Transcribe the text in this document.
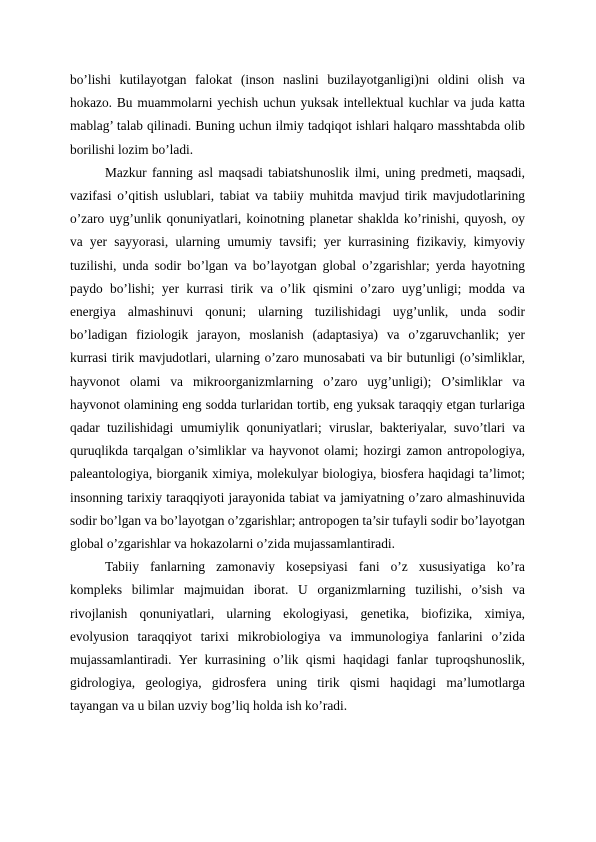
bo’lishi kutilayotgan falokat (inson naslini buzilayotganligi)ni oldini olish va hokazo. Bu muammolarni yechish uchun yuksak intellektual kuchlar va juda katta mablag’ talab qilinadi. Buning uchun ilmiy tadqiqot ishlari halqaro masshtabda olib borilishi lozim bo’ladi.

Mazkur fanning asl maqsadi tabiatshunoslik ilmi, uning predmeti, maqsadi, vazifasi o’qitish uslublari, tabiat va tabiiy muhitda mavjud tirik mavjudotlarining o’zaro uyg’unlik qonuniyatlari, koinotning planetar shaklda ko’rinishi, quyosh, oy va yer sayyorasi, ularning umumiy tavsifi; yer kurrasining fizikaviy, kimyoviy tuzilishi, unda sodir bo’lgan va bo’layotgan global o’zgarishlar; yerda hayotning paydo bo’lishi; yer kurrasi tirik va o’lik qismini o’zaro uyg’unligi; modda va energiya almashinuvi qonuni; ularning tuzilishidagi uyg’unlik, unda sodir bo’ladigan fiziologik jarayon, moslanish (adaptasiya) va o’zgaruvchanlik; yer kurrasi tirik mavjudotlari, ularning o’zaro munosabati va bir butunligi (o’simliklar, hayvonot olami va mikroorganizmlarning o’zaro uyg’unligi); O’simliklar va hayvonot olamining eng sodda turlaridan tortib, eng yuksak taraqqiy etgan turlariga qadar tuzilishidagi umumiylik qonuniyatlari; viruslar, bakteriyalar, suvo’tlari va quruqlikda tarqalgan o’simliklar va hayvonot olami; hozirgi zamon antropologiya, paleantologiya, biorganik ximiya, molekulyar biologiya, biosfera haqidagi ta’limot; insonning tarixiy taraqqiyoti jarayonida tabiat va jamiyatning o’zaro almashinuvida sodir bo’lgan va bo’layotgan o’zgarishlar; antropogen ta’sir tufayli sodir bo’layotgan global o’zgarishlar va hokazolarni o’zida mujassamlantiradi.

Tabiiy fanlarning zamonaviy kosepsiyasi fani o’z xususiyatiga ko’ra kompleks bilimlar majmuidan iborat. U organizmlarning tuzilishi, o’sish va rivojlanish qonuniyatlari, ularning ekologiyasi, genetika, biofizika, ximiya, evolyusion taraqqiyot tarixi mikrobiologiya va immunologiya fanlarini o’zida mujassamlantiradi. Yer kurrasining o’lik qismi haqidagi fanlar tuproqshunoslik, gidrologiya, geologiya, gidrosfera uning tirik qismi haqidagi ma’lumotlarga tayangan va u bilan uzviy bog’liq holda ish ko’radi.
